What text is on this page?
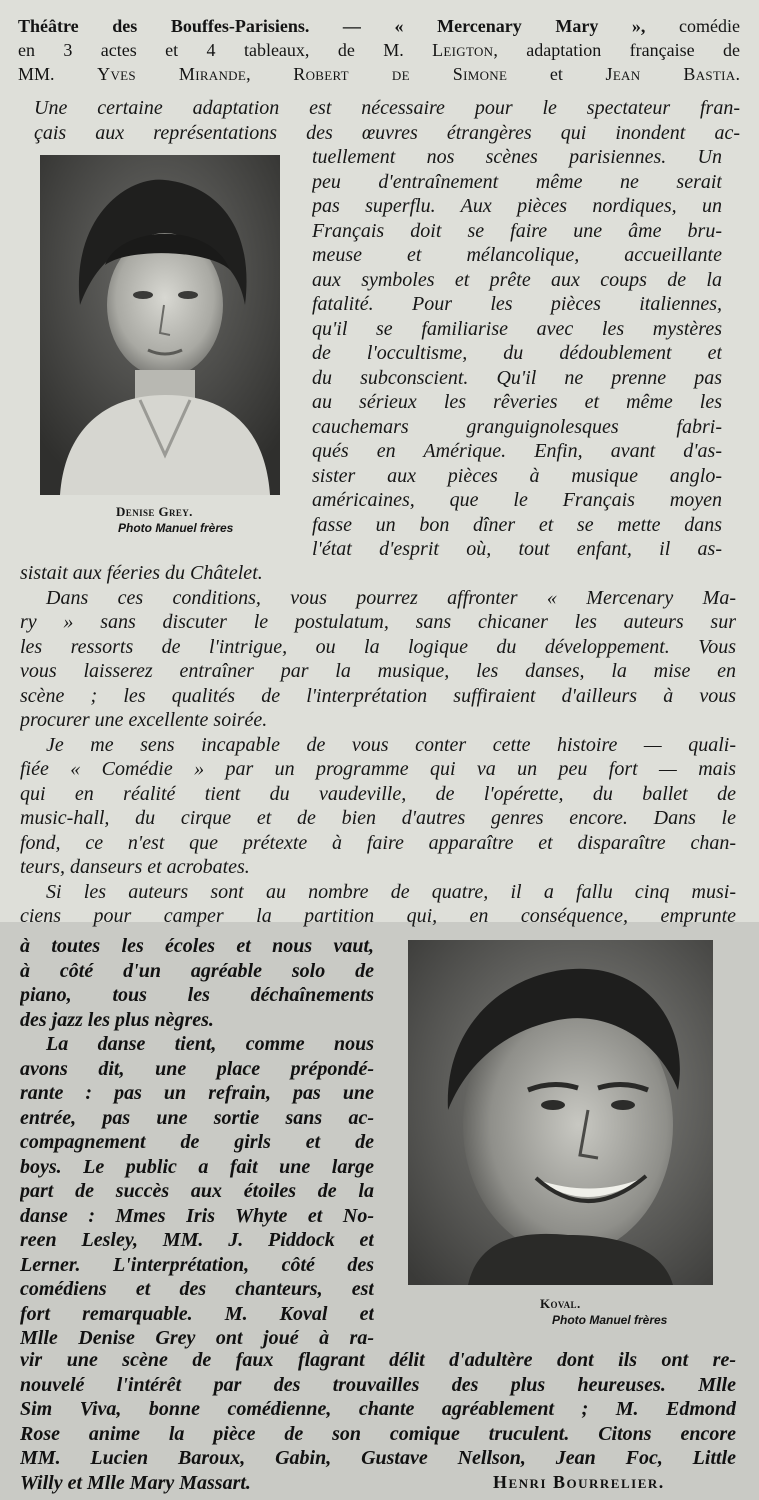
Théâtre des Bouffes-Parisiens. — « Mercenary Mary », comédie
en 3 actes et 4 tableaux, de M. Leigton, adaptation française de
MM. Yves Mirande, Robert de Simone et Jean Bastia.
Une certaine adaptation est nécessaire pour le spectateur fran-
çais aux représentations des œuvres étrangères qui inondent ac-
Denise Grey.
Photo Manuel frères
tuellement nos scènes parisiennes. Un
peu d'entraînement même ne serait
pas superflu. Aux pièces nordiques, un
Français doit se faire une âme bru-
meuse et mélancolique, accueillante
aux symboles et prête aux coups de la
fatalité. Pour les pièces italiennes,
qu'il se familiarise avec les mystères
de l'occultisme, du dédoublement et
du subconscient. Qu'il ne prenne pas
au sérieux les rêveries et même les
cauchemars granguignolesques fabri-
qués en Amérique. Enfin, avant d'as-
sister aux pièces à musique anglo-
américaines, que le Français moyen
fasse un bon dîner et se mette dans
l'état d'esprit où, tout enfant, il as-
sistait aux féeries du Châtelet.
Dans ces conditions, vous pourrez affronter « Mercenary Ma-
ry » sans discuter le postulatum, sans chicaner les auteurs sur
les ressorts de l'intrigue, ou la logique du développement. Vous
vous laisserez entraîner par la musique, les danses, la mise en
scène ; les qualités de l'interprétation suffiraient d'ailleurs à vous
procurer une excellente soirée.
Je me sens incapable de vous conter cette histoire — quali-
fiée « Comédie » par un programme qui va un peu fort — mais
qui en réalité tient du vaudeville, de l'opérette, du ballet de
music-hall, du cirque et de bien d'autres genres encore. Dans le
fond, ce n'est que prétexte à faire apparaître et disparaître chan-
teurs, danseurs et acrobates.
Si les auteurs sont au nombre de quatre, il a fallu cinq musi-
ciens pour camper la partition qui, en conséquence, emprunte
à toutes les écoles et nous vaut,
à côté d'un agréable solo de
piano, tous les déchaînements
des jazz les plus nègres.
La danse tient, comme nous
avons dit, une place prépondé-
rante : pas un refrain, pas une
entrée, pas une sortie sans ac-
compagnement de girls et de
boys. Le public a fait une large
part de succès aux étoiles de la
danse : Mmes Iris Whyte et No-
reen Lesley, MM. J. Piddock et
Lerner. L'interprétation, côté des
comédiens et des chanteurs, est
fort remarquable. M. Koval et
Mlle Denise Grey ont joué à ra-
Koval.
Photo Manuel frères
vir une scène de faux flagrant délit d'adultère dont ils ont re-
nouvelé l'intérêt par des trouvailles des plus heureuses. Mlle
Sim Viva, bonne comédienne, chante agréablement ; M. Edmond
Rose anime la pièce de son comique truculent. Citons encore
MM. Lucien Baroux, Gabin, Gustave Nellson, Jean Foc, Little
Willy et Mlle Mary Massart.	Henri Bourrelier.
